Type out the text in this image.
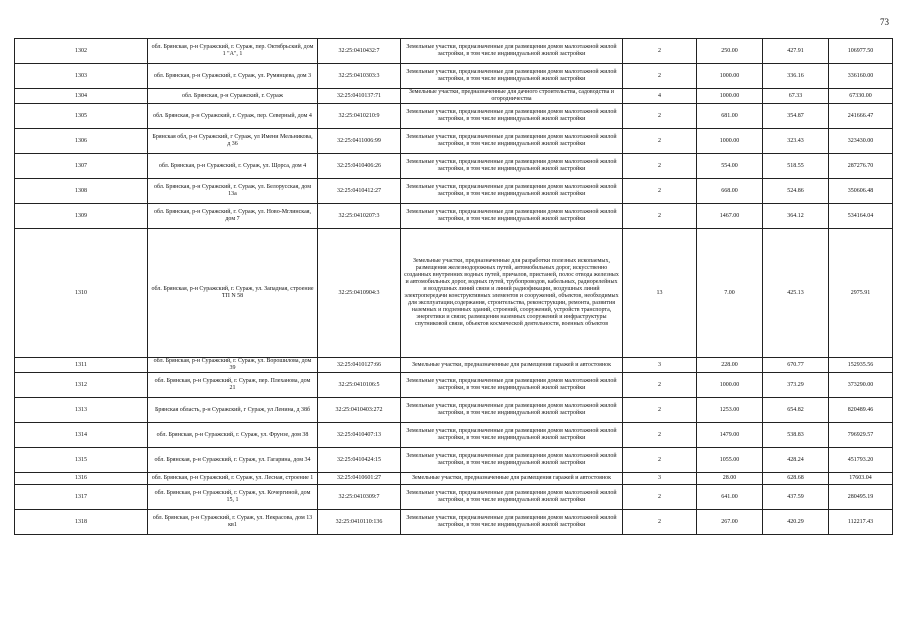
73
1302	обл. Брянская, р-н Суражский, г. Сураж, пер. Октябрьский, дом 1 "А", 1	32:25:0410432:7	Земельные участки, предназначенные для размещения домов малоэтажной жилой застройки, в том числе индивидуальной жилой застройки	2	250.00	427.91	106977.50
1303	обл. Брянская, р-н Суражский, г. Сураж, ул. Румянцева, дом 3	32:25:0410303:3	Земельные участки, предназначенные для размещения домов малоэтажной жилой застройки, в том числе индивидуальной жилой застройки	2	1000.00	336.16	336160.00
1304	обл. Брянская, р-н Суражский, г. Сураж	32:25:0410137:71	Земельные участки, предназначенные для дачного строительства, садоводства и огородничества	4	1000.00	67.33	67330.00
1305	обл. Брянская, р-н Суражский, г. Сураж, пер. Северный, дом 4	32:25:0410210:9	Земельные участки, предназначенные для размещения домов малоэтажной жилой застройки, в том числе индивидуальной жилой застройки	2	681.00	354.87	241666.47
1306	Брянская обл, р-н Суражский, г Сураж, ул Имени Мельникова, д 36	32:25:0411006:99	Земельные участки, предназначенные для размещения домов малоэтажной жилой застройки, в том числе индивидуальной жилой застройки	2	1000.00	323.43	323430.00
1307	обл. Брянская, р-н Суражский, г. Сураж, ул. Щорса, дом 4	32:25:0410406:26	Земельные участки, предназначенные для размещения домов малоэтажной жилой застройки, в том числе индивидуальной жилой застройки	2	554.00	518.55	287276.70
1308	обл. Брянская, р-н Суражский, г. Сураж, ул. Белорусская, дом 13а	32:25:0410412:27	Земельные участки, предназначенные для размещения домов малоэтажной жилой застройки, в том числе индивидуальной жилой застройки	2	668.00	524.86	350606.48
1309	обл. Брянская, р-н Суражский, г. Сураж, ул. Ново-Мглинская, дом 7	32:25:0410207:3	Земельные участки, предназначенные для размещения домов малоэтажной жилой застройки, в том числе индивидуальной жилой застройки	2	1467.00	364.12	534164.04
1310	обл. Брянская, р-н Суражский, г. Сураж, ул. Западная, строение ТП N 58	32:25:0410904:3	Земельные участки, предназначенные для разработки полезных ископаемых, размещения железнодорожных путей, автомобильных дорог, искусственно созданных внутренних водных путей, причалов, пристаней, полос отвода железных и автомобильных дорог, водных путей, трубопроводов, кабельных, радиорелейных и воздушных линий связи и линий радиофикации, воздушных линий электропередачи конструктивных элементов и сооружений, объектов, необходимых для эксплуатации,содержания, строительства, реконструкции, ремонта, развития наземных и подземных зданий, строений, сооружений, устройств транспорта, энергетики и связи; размещения наземных сооружений и инфраструктуры спутниковой связи, объектов космической деятельности, военных объектов	13	7.00	425.13	2975.91
1311	обл. Брянская, р-н Суражский, г. Сураж, ул. Ворошилова, дом 39	32:25:0410127:66	Земельные участки, предназначенные для размещения гаражей и автостоянок	3	228.00	670.77	152935.56
1312	обл. Брянская, р-н Суражский, г. Сураж, пер. Плеханова, дом 21	32:25:0410106:5	Земельные участки, предназначенные для размещения домов малоэтажной жилой застройки, в том числе индивидуальной жилой застройки	2	1000.00	373.29	373290.00
1313	Брянская область, р-н Суражский, г Сураж, ул Ленина, д 38б	32:25:0410403:272	Земельные участки, предназначенные для размещения домов малоэтажной жилой застройки, в том числе индивидуальной жилой застройки	2	1253.00	654.82	820489.46
1314	обл. Брянская, р-н Суражский, г. Сураж, ул. Фрунзе, дом 38	32:25:0410407:13	Земельные участки, предназначенные для размещения домов малоэтажной жилой застройки, в том числе индивидуальной жилой застройки	2	1479.00	538.83	796929.57
1315	обл. Брянская, р-н Суражский, г. Сураж, ул. Гагарина, дом 34	32:25:0410424:15	Земельные участки, предназначенные для размещения домов малоэтажной жилой застройки, в том числе индивидуальной жилой застройки	2	1055.00	428.24	451793.20
1316	обл. Брянская, р-н Суражский, г. Сураж, ул. Лесная, строение 1	32:25:0410601:27	Земельные участки, предназначенные для размещения гаражей и автостоянок	3	28.00	628.68	17603.04
1317	обл. Брянская, р-н Суражский, г. Сураж, ул. Кочергиной, дом 15, 1	32:25:0410309:7	Земельные участки, предназначенные для размещения домов малоэтажной жилой застройки, в том числе индивидуальной жилой застройки	2	641.00	437.59	280495.19
1318	обл. Брянская, р-н Суражский, г. Сураж, ул. Некрасова, дом 13 кв1	32:25:0410110:136	Земельные участки, предназначенные для размещения домов малоэтажной жилой застройки, в том числе индивидуальной жилой застройки	2	267.00	420.29	112217.43
